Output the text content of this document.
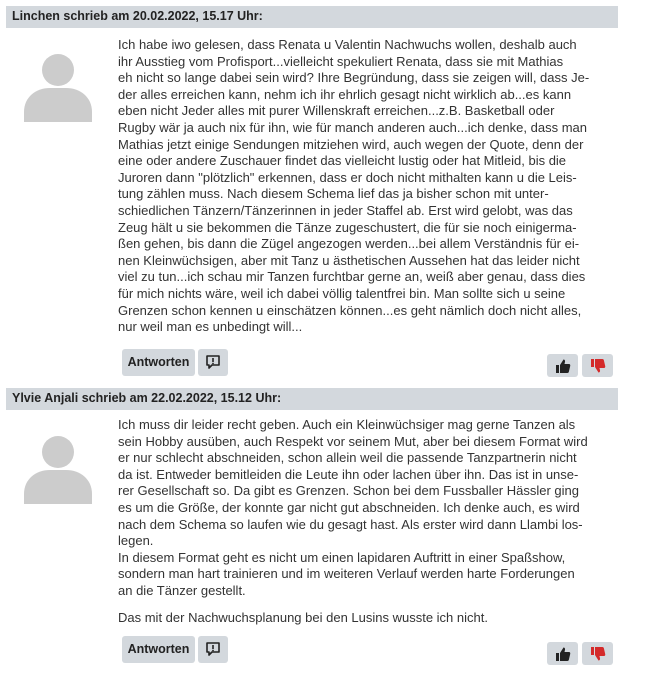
Linchen schrieb am 20.02.2022, 15.17 Uhr:
Ich habe iwo gelesen, dass Renata u Valentin Nachwuchs wollen, deshalb auch
ihr Ausstieg vom Profisport...vielleicht spekuliert Renata, dass sie mit Mathias
eh nicht so lange dabei sein wird? Ihre Begründung, dass sie zeigen will, dass Je-
der alles erreichen kann, nehm ich ihr ehrlich gesagt nicht wirklich ab...es kann
eben nicht Jeder alles mit purer Willenskraft erreichen...z.B. Basketball oder
Rugby wär ja auch nix für ihn, wie für manch anderen auch...ich denke, dass man
Mathias jetzt einige Sendungen mitziehen wird, auch wegen der Quote, denn der
eine oder andere Zuschauer findet das vielleicht lustig oder hat Mitleid, bis die
Juroren dann "plötzlich" erkennen, dass er doch nicht mithalten kann u die Leis-
tung zählen muss. Nach diesem Schema lief das ja bisher schon mit unter-
schiedlichen Tänzern/Tänzerinnen in jeder Staffel ab. Erst wird gelobt, was das
Zeug hält u sie bekommen die Tänze zugeschustert, die für sie noch einigerma-
ßen gehen, bis dann die Zügel angezogen werden...bei allem Verständnis für ei-
nen Kleinwüchsigen, aber mit Tanz u ästhetischen Aussehen hat das leider nicht
viel zu tun...ich schau mir Tanzen furchtbar gerne an, weiß aber genau, dass dies
für mich nichts wäre, weil ich dabei völlig talentfrei bin. Man sollte sich u seine
Grenzen schon kennen u einschätzen können...es geht nämlich doch nicht alles,
nur weil man es unbedingt will...
Antworten
Ylvie Anjali schrieb am 22.02.2022, 15.12 Uhr:
Ich muss dir leider recht geben. Auch ein Kleinwüchsiger mag gerne Tanzen als
sein Hobby ausüben, auch Respekt vor seinem Mut, aber bei diesem Format wird
er nur schlecht abschneiden, schon allein weil die passende Tanzpartnerin nicht
da ist. Entweder bemitleiden die Leute ihn oder lachen über ihn. Das ist in unse-
rer Gesellschaft so. Da gibt es Grenzen. Schon bei dem Fussballer Hässler ging
es um die Größe, der konnte gar nicht gut abschneiden. Ich denke auch, es wird
nach dem Schema so laufen wie du gesagt hast. Als erster wird dann Llambi los-
legen.
In diesem Format geht es nicht um einen lapidaren Auftritt in einer Spaßshow,
sondern man hart trainieren und im weiteren Verlauf werden harte Forderungen
an die Tänzer gestellt.
Das mit der Nachwuchsplanung bei den Lusins wusste ich nicht.
Antworten
